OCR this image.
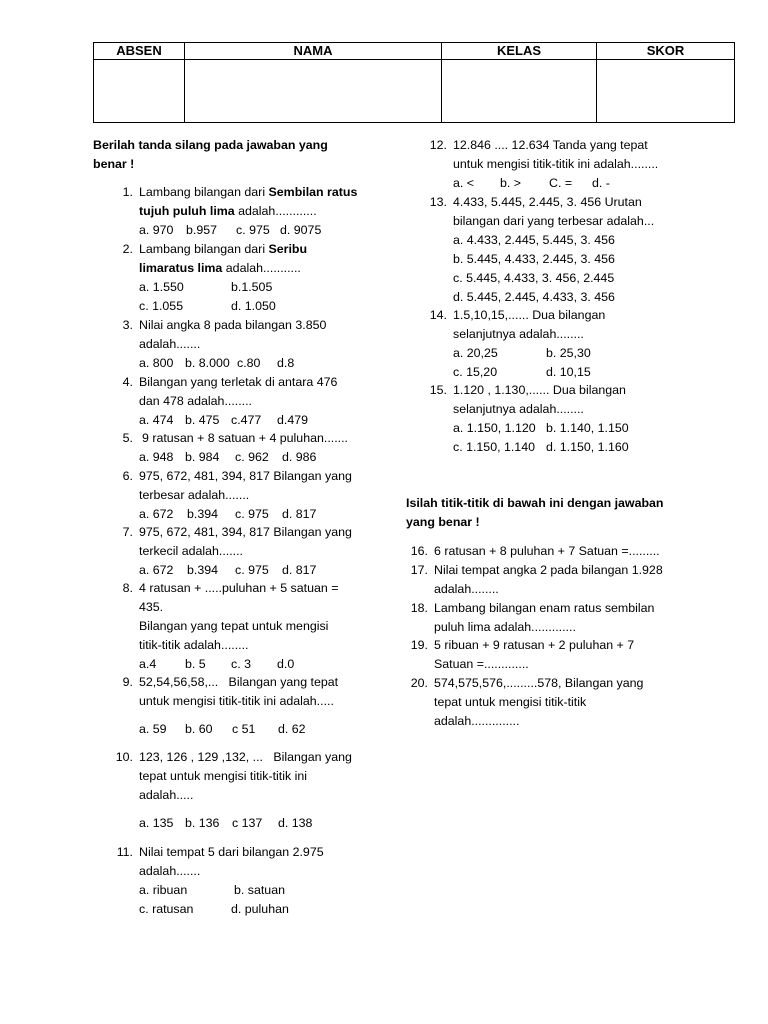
ABSEN	NAMA	KELAS	SKOR

Berilah tanda silang pada jawaban yang
benar !
1. Lambang bilangan dari Sembilan ratus
tujuh puluh lima adalah............
a. 970 b.957 c. 975 d. 9075
2. Lambang bilangan dari Seribu
limaratus lima adalah...........
a. 1.550	b.1.505
c. 1.055	d. 1.050
3. Nilai angka 8 pada bilangan 3.850
adalah.......
a. 800 b. 8.000 c.80 d.8
4. Bilangan yang terletak di antara 476
dan 478 adalah........
a. 474 b. 475 c.477 d.479
5. 9 ratusan + 8 satuan + 4 puluhan.......
a. 948 b. 984 c. 962 d. 986
6. 975, 672, 481, 394, 817 Bilangan yang
terbesar adalah.......
a. 672 b.394 c. 975 d. 817
7. 975, 672, 481, 394, 817 Bilangan yang
terkecil adalah.......
a. 672 b.394 c. 975 d. 817
8. 4 ratusan + .....puluhan + 5 satuan =
435.
Bilangan yang tepat untuk mengisi
titik-titik adalah........
a.4 b. 5 c. 3 d.0
9. 52,54,56,58,...   Bilangan yang tepat
untuk mengisi titik-titik ini adalah.....
a. 59 b. 60 c 51 d. 62
10. 123, 126 , 129 ,132, ...   Bilangan yang
tepat untuk mengisi titik-titik ini
adalah.....
a. 135 b. 136 c 137 d. 138
11. Nilai tempat 5 dari bilangan 2.975
adalah.......
a. ribuan	b. satuan
c. ratusan	d. puluhan
12. 12.846 .... 12.634 Tanda yang tepat
untuk mengisi titik-titik ini adalah........
a. < b. > C. = d. -
13. 4.433, 5.445, 2.445, 3. 456 Urutan
bilangan dari yang terbesar adalah...
a. 4.433, 2.445, 5.445, 3. 456
b. 5.445, 4.433, 2.445, 3. 456
c. 5.445, 4.433, 3. 456, 2.445
d. 5.445, 2.445, 4.433, 3. 456
14. 1.5,10,15,...... Dua bilangan
selanjutnya adalah........
a. 20,25	b. 25,30
c. 15,20	d. 10,15
15. 1.120 , 1.130,...... Dua bilangan
selanjutnya adalah........
a. 1.150, 1.120 b. 1.140, 1.150
c. 1.150, 1.140 d. 1.150, 1.160
Isilah titik-titik di bawah ini dengan jawaban
yang benar !
16. 6 ratusan + 8 puluhan + 7 Satuan =.........
17. Nilai tempat angka 2 pada bilangan 1.928
adalah........
18. Lambang bilangan enam ratus sembilan
puluh lima adalah.............
19. 5 ribuan + 9 ratusan + 2 puluhan + 7
Satuan =.............
20. 574,575,576,.........578, Bilangan yang
tepat untuk mengisi titik-titik
adalah..............
